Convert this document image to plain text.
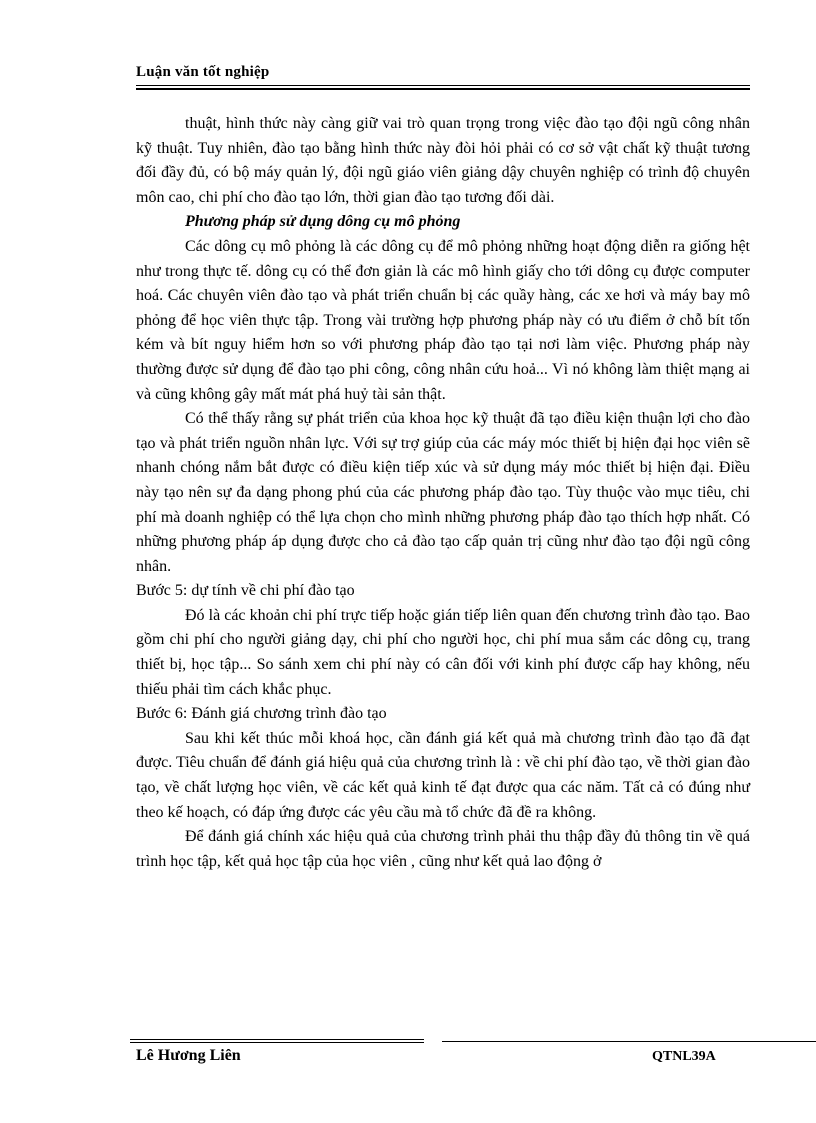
Luận văn tốt nghiệp

thuật, hình thức này càng giữ vai trò quan trọng trong việc đào tạo đội ngũ công nhân kỹ thuật. Tuy nhiên, đào tạo bằng hình thức này đòi hỏi phải có cơ sở vật chất kỹ thuật tương đối đầy đủ, có bộ máy quản lý, đội ngũ giáo viên giảng dậy chuyên nghiệp có trình độ chuyên môn cao, chi phí cho đào tạo lớn, thời gian đào tạo tương đối dài.

Phương pháp sử dụng dông cụ mô phỏng

Các dông cụ mô phỏng là các dông cụ để mô phỏng những hoạt động diễn ra giống hệt như trong thực tế. dông cụ có thể đơn giản là các mô hình giấy cho tới dông cụ được computer hoá. Các chuyên viên đào tạo và phát triển chuẩn bị các quầy hàng, các xe hơi và máy bay mô phỏng để học viên thực tập. Trong vài trường hợp phương pháp này có ưu điểm ở chỗ bít tốn kém và bít nguy hiểm hơn so với phương pháp đào tạo tại nơi làm việc. Phương pháp này thường được sử dụng để đào tạo phi công, công nhân cứu hoả... Vì nó không làm thiệt mạng ai và cũng không gây mất mát phá huỷ tài sản thật.

Có thể thấy rằng sự phát triển của khoa học kỹ thuật đã tạo điều kiện thuận lợi cho đào tạo và phát triển nguồn nhân lực. Với sự trợ giúp của các máy móc thiết bị hiện đại học viên sẽ nhanh chóng nắm bắt được có điều kiện tiếp xúc và sử dụng máy móc thiết bị hiện đại. Điều này tạo nên sự đa dạng phong phú của các phương pháp đào tạo. Tùy thuộc vào mục tiêu, chi phí mà doanh nghiệp có thể lựa chọn cho mình những phương pháp đào tạo thích hợp nhất. Có những phương pháp áp dụng được cho cả đào tạo cấp quản trị cũng như đào tạo đội ngũ công nhân.

Bước 5: dự tính về chi phí đào tạo

Đó là các khoản chi phí trực tiếp hoặc gián tiếp liên quan đến chương trình đào tạo. Bao gồm chi phí cho người giảng dạy, chi phí cho người học, chi phí mua sắm các dông cụ, trang thiết bị, học tập... So sánh xem chi phí này có cân đối với kinh phí được cấp hay không, nếu thiếu phải tìm cách khắc phục.

Bước 6: Đánh giá chương trình đào tạo

Sau khi kết thúc mỗi khoá học, cần đánh giá kết quả mà chương trình đào tạo đã đạt được. Tiêu chuẩn để đánh giá hiệu quả của chương trình là : về chi phí đào tạo, về thời gian đào tạo, về chất lượng học viên, về các kết quả kinh tế đạt được qua các năm. Tất cả có đúng như theo kế hoạch, có đáp ứng được các yêu cầu mà tổ chức đã đề ra không.

Để đánh giá chính xác hiệu quả của chương trình phải thu thập đầy đủ thông tin về quá trình học tập, kết quả học tập của học viên , cũng như kết quả lao động ở

Lê Hương Liên	QTNL39A
